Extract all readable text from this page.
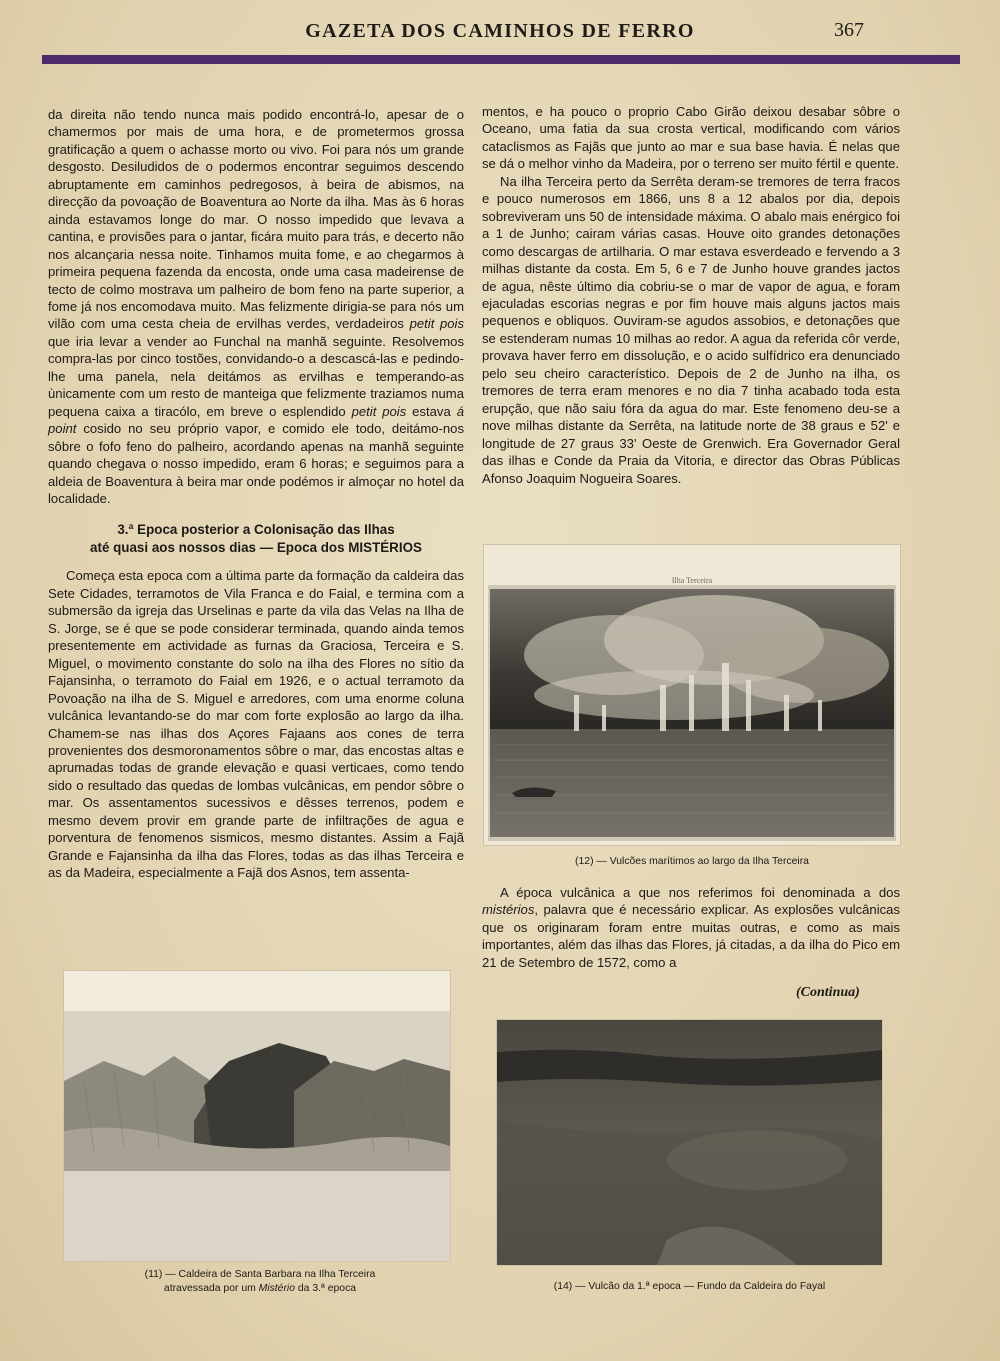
GAZETA DOS CAMINHOS DE FERRO	367

da direita não tendo nunca mais podido encontrá-lo, apesar de o chamermos por mais de uma hora, e de prometermos grossa gratificação a quem o achasse morto ou vivo. Foi para nós um grande desgosto. Desiludidos de o podermos encontrar seguimos descendo abruptamente em caminhos pedregosos, à beira de abismos, na direcção da povoação de Boaventura ao Norte da ilha. Mas às 6 horas ainda estavamos longe do mar. O nosso impedido que levava a cantina, e provisões para o jantar, ficára muito para trás, e decerto não nos alcançaria nessa noite. Tinhamos muita fome, e ao chegarmos à primeira pequena fazenda da encosta, onde uma casa madeirense de tecto de colmo mostrava um palheiro de bom feno na parte superior, a fome já nos encomodava muito. Mas felizmente dirigia-se para nós um vilão com uma cesta cheia de ervilhas verdes, verdadeiros petit pois que iria levar a vender ao Funchal na manhã seguinte. Resolvemos compra-las por cinco tostões, convidando-o a descascá-las e pedindo-lhe uma panela, nela deitámos as ervilhas e temperando-as ùnicamente com um resto de manteiga que felizmente traziamos numa pequena caixa a tiracólo, em breve o esplendido petit pois estava á point cosido no seu próprio vapor, e comido ele todo, deitámo-nos sôbre o fofo feno do palheiro, acordando apenas na manhã seguinte quando chegava o nosso impedido, eram 6 horas; e seguimos para a aldeia de Boaventura à beira mar onde podémos ir almoçar no hotel da localidade.

3.ª Epoca posterior a Colonisação das Ilhas
até quasi aos nossos dias — Epoca dos MISTÉRIOS

Começa esta epoca com a última parte da formação da caldeira das Sete Cidades, terramotos de Vila Franca e do Faial, e termina com a submersão da igreja das Urselinas e parte da vila das Velas na Ilha de S. Jorge, se é que se pode considerar terminada, quando ainda temos presentemente em actividade as furnas da Graciosa, Terceira e S. Miguel, o movimento constante do solo na ilha des Flores no sítio da Fajansinha, o terramoto do Faial em 1926, e o actual terramoto da Povoação na ilha de S. Miguel e arredores, com uma enorme coluna vulcânica levantando-se do mar com forte explosão ao largo da ilha. Chamem-se nas ilhas dos Açores Fajaans aos cones de terra provenientes dos desmoronamentos sôbre o mar, das encostas altas e aprumadas todas de grande elevação e quasi verticaes, como tendo sido o resultado das quedas de lombas vulcânicas, em pendor sôbre o mar. Os assentamentos sucessivos e dêsses terrenos, podem e mesmo devem provir em grande parte de infiltrações de agua e porventura de fenomenos sismicos, mesmo distantes. Assim a Fajã Grande e Fajansinha da ilha das Flores, todas as das ilhas Terceira e as da Madeira, especialmente a Fajã dos Asnos, tem assenta-

mentos, e ha pouco o proprio Cabo Girão deixou desabar sôbre o Oceano, uma fatia da sua crosta vertical, modificando com vários cataclismos as Fajãs que junto ao mar e sua base havia. É nelas que se dá o melhor vinho da Madeira, por o terreno ser muito fértil e quente.

Na ilha Terceira perto da Serrêta deram-se tremores de terra fracos e pouco numerosos em 1866, uns 8 a 12 abalos por dia, depois sobreviveram uns 50 de intensidade máxima. O abalo mais enérgico foi a 1 de Junho; cairam várias casas. Houve oito grandes detonações como descargas de artilharia. O mar estava esverdeado e fervendo a 3 milhas distante da costa. Em 5, 6 e 7 de Junho houve grandes jactos de agua, nêste último dia cobriu-se o mar de vapor de agua, e foram ejaculadas escorias negras e por fim houve mais alguns jactos mais pequenos e obliquos. Ouviram-se agudos assobios, e detonações que se estenderam numas 10 milhas ao redor. A agua da referida côr verde, provava haver ferro em dissolução, e o acido sulfídrico era denunciado pelo seu cheiro característico. Depois de 2 de Junho na ilha, os tremores de terra eram menores e no dia 7 tinha acabado toda esta erupção, que não saiu fóra da agua do mar. Este fenomeno deu-se a nove milhas distante da Serrêta, na latitude norte de 38 graus e 52' e longitude de 27 graus 33' Oeste de Grenwich. Era Governador Geral das ilhas e Conde da Praia da Vitoria, e director das Obras Públicas Afonso Joaquim Nogueira Soares.

Ilha Terceira
(12) — Vulcões marítimos ao largo da Ilha Terceira

A época vulcânica a que nos referimos foi denominada a dos mistérios, palavra que é necessário explicar. As explosões vulcânicas que os originaram foram entre muitas outras, e como as mais importantes, além das ilhas das Flores, já citadas, a da ilha do Pico em 21 de Setembro de 1572, como a

(Continua)
(11) — Caldeira de Santa Barbara na Ilha Terceira
atravessada por um Mistério da 3.ª epoca	(14) — Vulcão da 1.ª epoca — Fundo da Caldeira do Fayal
